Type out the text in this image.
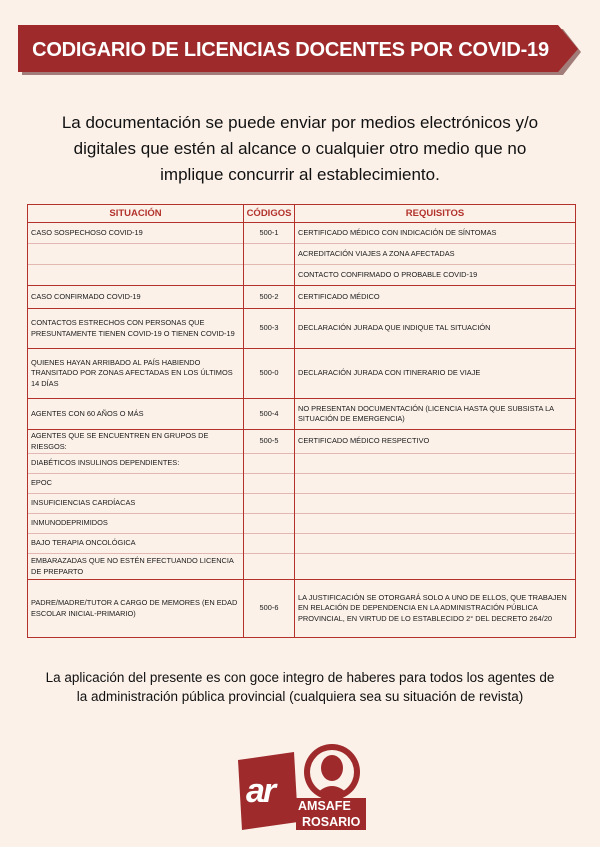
CODIGARIO DE LICENCIAS DOCENTES POR COVID-19
La documentación se puede enviar por medios electrónicos y/o
digitales que estén al alcance o cualquier otro medio que no
implique concurrir al establecimiento.
SITUACIÓN	CÓDIGOS	REQUISITOS
CASO SOSPECHOSO COVID-19	500-1	CERTIFICADO MÉDICO CON INDICACIÓN DE SÍNTOMAS
		ACREDITACIÓN VIAJES A ZONA AFECTADAS
		CONTACTO CONFIRMADO O PROBABLE COVID-19
CASO CONFIRMADO COVID-19	500-2	CERTIFICADO MÉDICO
CONTACTOS ESTRECHOS CON PERSONAS QUE PRESUNTAMENTE TIENEN COVID-19 O TIENEN COVID-19	500-3	DECLARACIÓN JURADA QUE INDIQUE TAL SITUACIÓN
QUIENES HAYAN ARRIBADO AL PAÍS HABIENDO TRANSITADO POR ZONAS AFECTADAS EN LOS ÚLTIMOS 14 DÍAS	500-0	DECLARACIÓN JURADA CON ITINERARIO DE VIAJE
AGENTES CON 60 AÑOS O MÁS	500-4	NO PRESENTAN DOCUMENTACIÓN (LICENCIA HASTA QUE SUBSISTA LA SITUACIÓN DE EMERGENCIA)
AGENTES QUE SE ENCUENTREN EN GRUPOS DE RIESGOS:	500-5	CERTIFICADO MÉDICO RESPECTIVO
DIABÉTICOS INSULINOS DEPENDIENTES:		
EPOC		
INSUFICIENCIAS CARDÍACAS		
INMUNODEPRIMIDOS		
BAJO TERAPIA ONCOLÓGICA		
EMBARAZADAS QUE NO ESTÉN EFECTUANDO LICENCIA DE PREPARTO		
PADRE/MADRE/TUTOR A CARGO DE MEMORES (EN EDAD ESCOLAR INICIAL-PRIMARIO)	500-6	LA JUSTIFICACIÓN SE OTORGARÁ SOLO A UNO DE ELLOS, QUE TRABAJEN EN RELACIÓN DE DEPENDENCIA EN LA ADMINISTRACIÓN PÚBLICA PROVINCIAL, EN VIRTUD DE LO ESTABLECIDO 2° DEL DECRETO 264/20
La aplicación del presente es con goce integro de haberes para todos los agentes de
la administración pública provincial (cualquiera sea su situación de revista)
ar AMSAFE
ROSARIO
